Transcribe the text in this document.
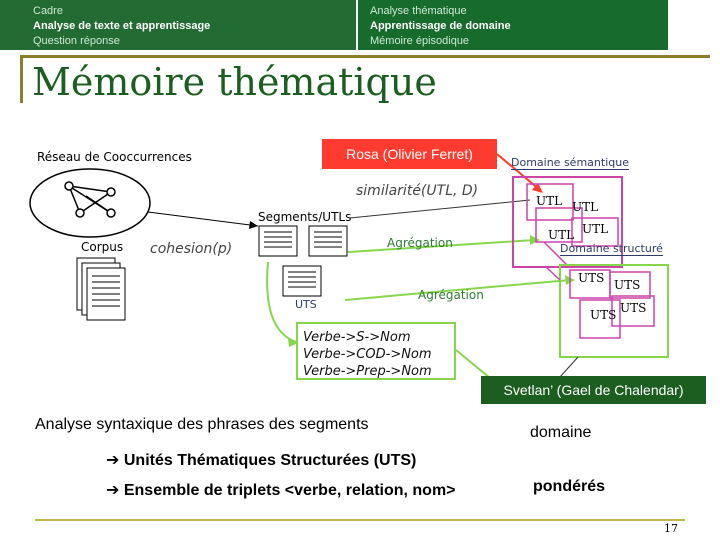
Cadre
Analyse de texte et apprentissage
Question réponse
Analyse thématique
Apprentissage de domaine
Mémoire épisodique
Mémoire thématique
Réseau de Cooccurrences	Rosa (Olivier Ferret)
Domaine sémantique
similarité(UTL, D)
Segments/UTLs
Corpus cohesion(p)	Agrégation
Agrégation
UTL UTL
UTL UTL
Domaine structuré
UTS UTS
UTS UTS
UTS
Verbe->S->Nom
Verbe->COD->Nom
Verbe->Prep->Nom
Svetlan’ (Gael de Chalendar)
Analyse syntaxique des phrases des segments	domaine
➔ Unités Thématiques Structurées (UTS)
➔ Ensemble de triplets <verbe, relation, nom>	pondérés
17
